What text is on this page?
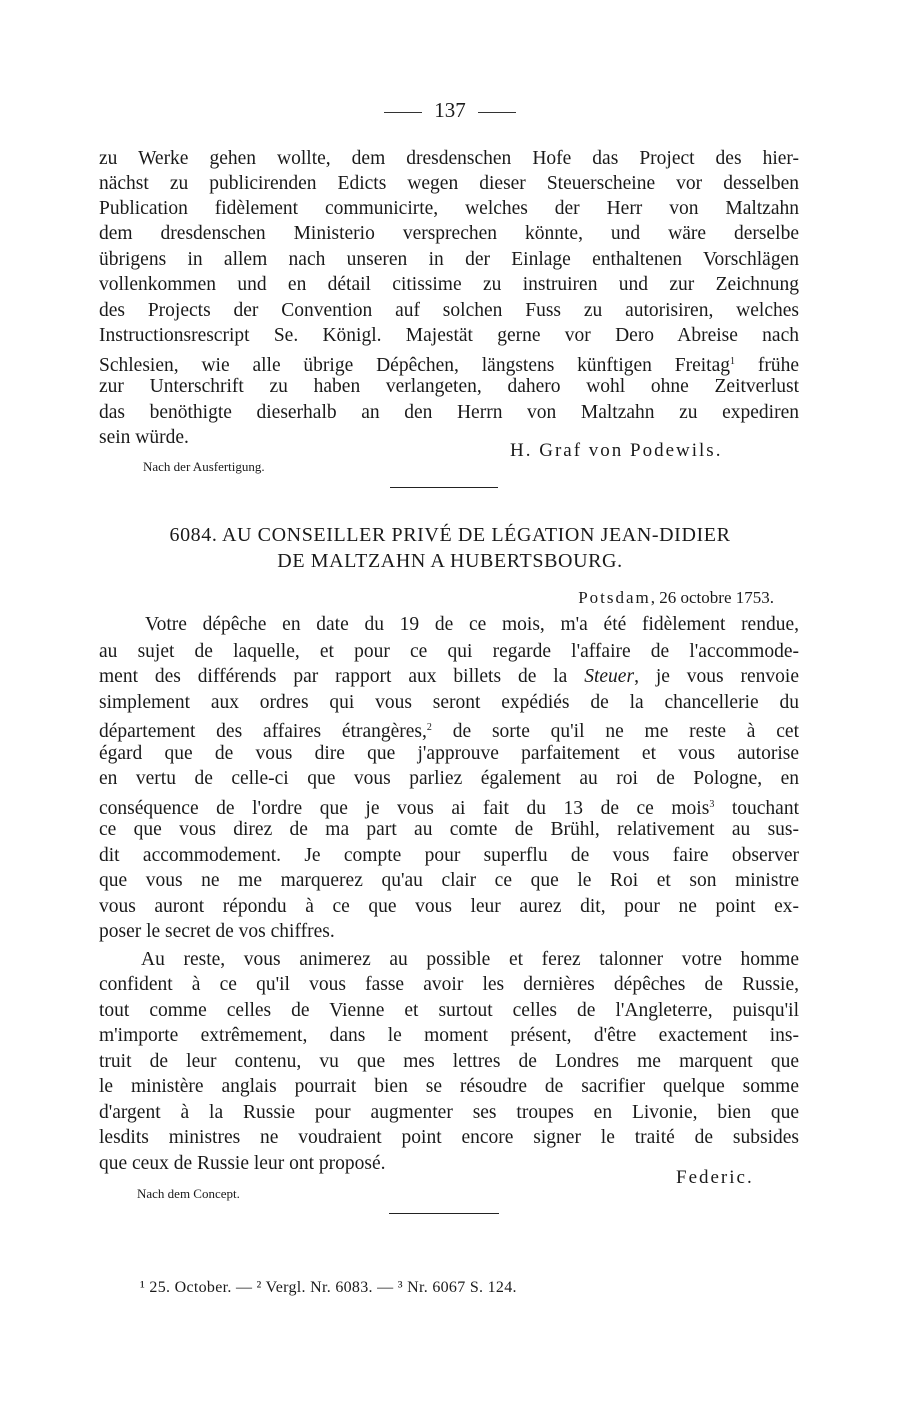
137
zu Werke gehen wollte, dem dresdenschen Hofe das Project des hier-
nächst zu publicirenden Edicts wegen dieser Steuerscheine vor desselben
Publication fidèlement communicirte, welches der Herr von Maltzahn
dem dresdenschen Ministerio versprechen könnte, und wäre derselbe
übrigens in allem nach unseren in der Einlage enthaltenen Vorschlägen
vollenkommen und en détail citissime zu instruiren und zur Zeichnung
des Projects der Convention auf solchen Fuss zu autorisiren, welches
Instructionsrescript Se. Königl. Majestät gerne vor Dero Abreise nach
Schlesien, wie alle übrige Dépêchen, längstens künftigen Freitag$^1$ frühe
zur Unterschrift zu haben verlangeten, dahero wohl ohne Zeitverlust
das benöthigte dieserhalb an den Herrn von Maltzahn zu expediren
sein würde.
H. Graf von Podewils.
Nach der Ausfertigung.
6084. AU CONSEILLER PRIVÉ DE LÉGATION JEAN-DIDIER
DE MALTZAHN A HUBERTSBOURG.
Potsdam, 26 octobre 1753.
Votre dépêche en date du 19 de ce mois, m'a été fidèlement rendue,
au sujet de laquelle, et pour ce qui regarde l'affaire de l'accommode-
ment des différends par rapport aux billets de la Steuer, je vous renvoie
simplement aux ordres qui vous seront expédiés de la chancellerie du
département des affaires étrangères,$^2$ de sorte qu'il ne me reste à cet
égard que de vous dire que j'approuve parfaitement et vous autorise
en vertu de celle-ci que vous parliez également au roi de Pologne, en
conséquence de l'ordre que je vous ai fait du 13 de ce mois$^3$ touchant
ce que vous direz de ma part au comte de Brühl, relativement au sus-
dit accommodement. Je compte pour superflu de vous faire observer
que vous ne me marquerez qu'au clair ce que le Roi et son ministre
vous auront répondu à ce que vous leur aurez dit, pour ne point ex-
poser le secret de vos chiffres.
Au reste, vous animerez au possible et ferez talonner votre homme
confident à ce qu'il vous fasse avoir les dernières dépêches de Russie,
tout comme celles de Vienne et surtout celles de l'Angleterre, puisqu'il
m'importe extrêmement, dans le moment présent, d'être exactement ins-
truit de leur contenu, vu que mes lettres de Londres me marquent que
le ministère anglais pourrait bien se résoudre de sacrifier quelque somme
d'argent à la Russie pour augmenter ses troupes en Livonie, bien que
lesdits ministres ne voudraient point encore signer le traité de subsides
que ceux de Russie leur ont proposé.
Federic.
Nach dem Concept.
¹ 25. October. — ² Vergl. Nr. 6083. — ³ Nr. 6067 S. 124.
